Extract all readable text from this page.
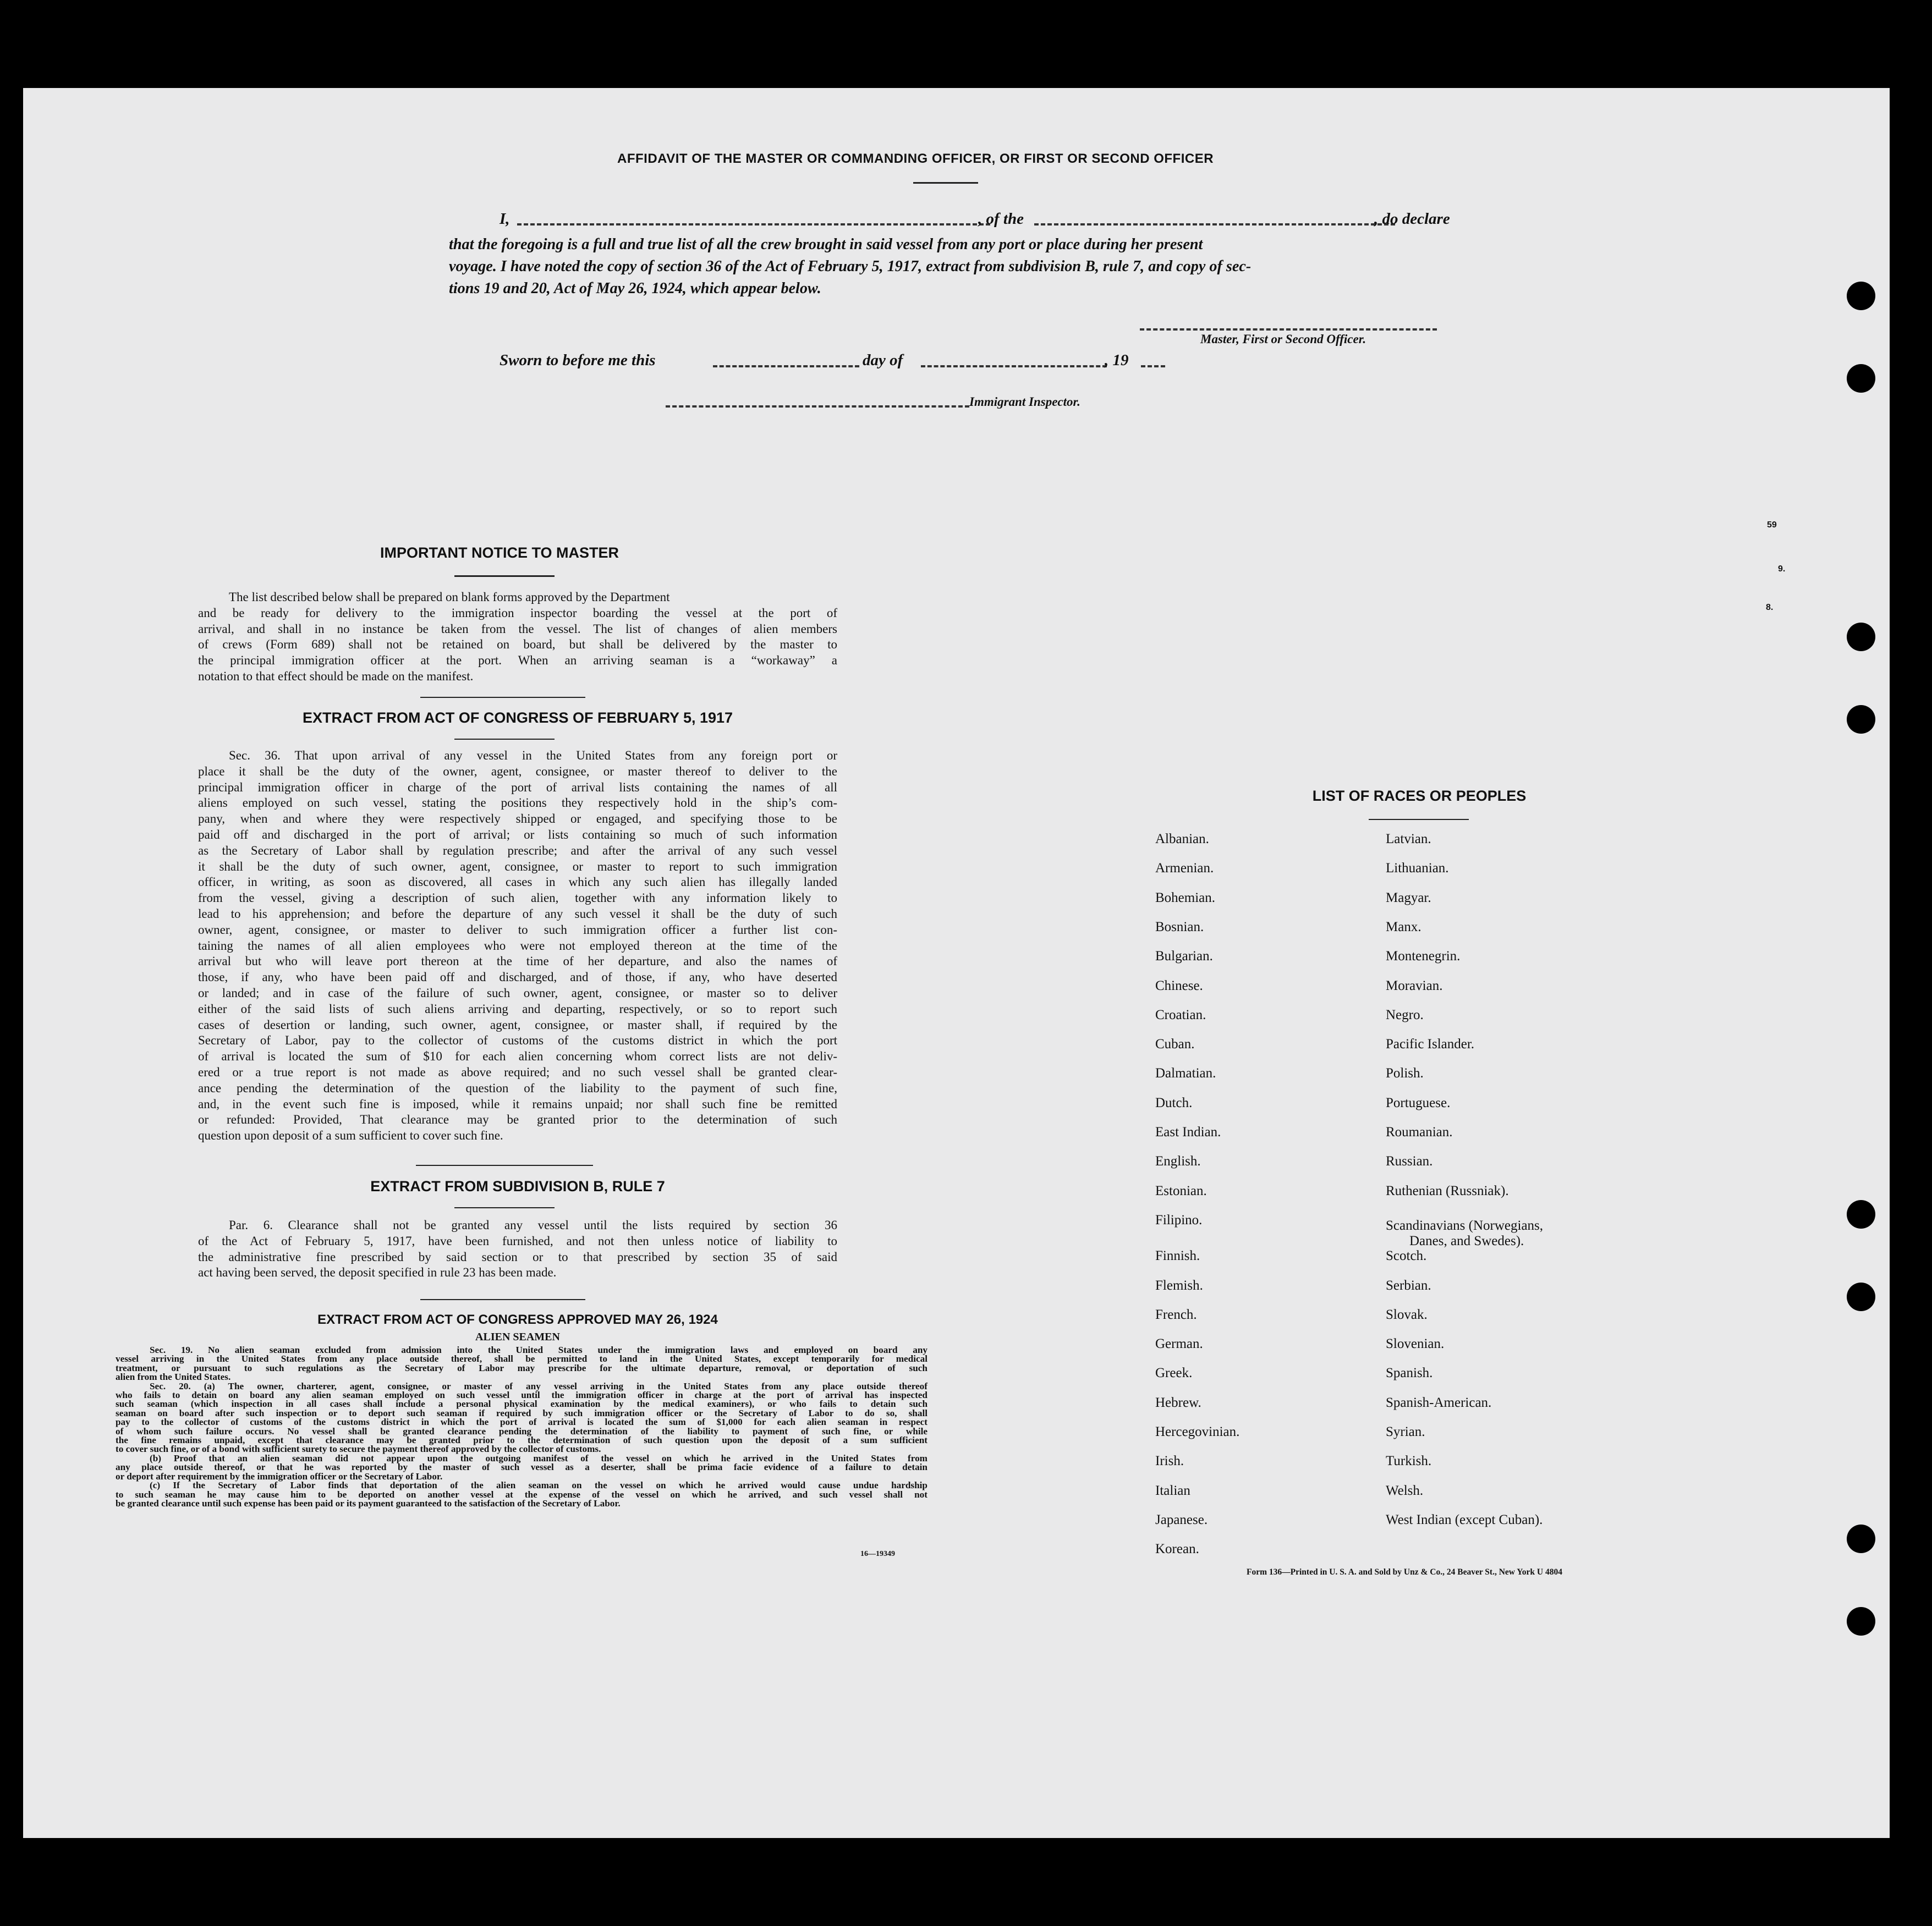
AFFIDAVIT OF THE MASTER OR COMMANDING OFFICER, OR FIRST OR SECOND OFFICER
I,	, of the	, do declare
that the foregoing is a full and true list of all the crew brought in said vessel from any port or place during her present
voyage. I have noted the copy of section 36 of the Act of February 5, 1917, extract from subdivision B, rule 7, and copy of sec-
tions 19 and 20, Act of May 26, 1924, which appear below.
Master, First or Second Officer.
Sworn to before me this	day of	, 19
Immigrant Inspector.
IMPORTANT NOTICE TO MASTER
The list described below shall be prepared on blank forms approved by the Department
and be ready for delivery to the immigration inspector boarding the vessel at the port of
arrival, and shall in no instance be taken from the vessel. The list of changes of alien members
of crews (Form 689) shall not be retained on board, but shall be delivered by the master to
the principal immigration officer at the port. When an arriving seaman is a “workaway” a
notation to that effect should be made on the manifest.
EXTRACT FROM ACT OF CONGRESS OF FEBRUARY 5, 1917
Sec. 36. That upon arrival of any vessel in the United States from any foreign port or
place it shall be the duty of the owner, agent, consignee, or master thereof to deliver to the
principal immigration officer in charge of the port of arrival lists containing the names of all
aliens employed on such vessel, stating the positions they respectively hold in the ship’s com-
pany, when and where they were respectively shipped or engaged, and specifying those to be
paid off and discharged in the port of arrival; or lists containing so much of such information
as the Secretary of Labor shall by regulation prescribe; and after the arrival of any such vessel
it shall be the duty of such owner, agent, consignee, or master to report to such immigration
officer, in writing, as soon as discovered, all cases in which any such alien has illegally landed
from the vessel, giving a description of such alien, together with any information likely to
lead to his apprehension; and before the departure of any such vessel it shall be the duty of such
owner, agent, consignee, or master to deliver to such immigration officer a further list con-
taining the names of all alien employees who were not employed thereon at the time of the
arrival but who will leave port thereon at the time of her departure, and also the names of
those, if any, who have been paid off and discharged, and of those, if any, who have deserted
or landed; and in case of the failure of such owner, agent, consignee, or master so to deliver
either of the said lists of such aliens arriving and departing, respectively, or so to report such
cases of desertion or landing, such owner, agent, consignee, or master shall, if required by the
Secretary of Labor, pay to the collector of customs of the customs district in which the port
of arrival is located the sum of $10 for each alien concerning whom correct lists are not deliv-
ered or a true report is not made as above required; and no such vessel shall be granted clear-
ance pending the determination of the question of the liability to the payment of such fine,
and, in the event such fine is imposed, while it remains unpaid; nor shall such fine be remitted
or refunded: Provided, That clearance may be granted prior to the determination of such
question upon deposit of a sum sufficient to cover such fine.
EXTRACT FROM SUBDIVISION B, RULE 7
Par. 6. Clearance shall not be granted any vessel until the lists required by section 36
of the Act of February 5, 1917, have been furnished, and not then unless notice of liability to
the administrative fine prescribed by said section or to that prescribed by section 35 of said
act having been served, the deposit specified in rule 23 has been made.
EXTRACT FROM ACT OF CONGRESS APPROVED MAY 26, 1924
ALIEN SEAMEN
Sec. 19. No alien seaman excluded from admission into the United States under the immigration laws and employed on board any
vessel arriving in the United States from any place outside thereof, shall be permitted to land in the United States, except temporarily for medical
treatment, or pursuant to such regulations as the Secretary of Labor may prescribe for the ultimate departure, removal, or deportation of such
alien from the United States.
Sec. 20. (a) The owner, charterer, agent, consignee, or master of any vessel arriving in the United States from any place outside thereof
who fails to detain on board any alien seaman employed on such vessel until the immigration officer in charge at the port of arrival has inspected
such seaman (which inspection in all cases shall include a personal physical examination by the medical examiners), or who fails to detain such
seaman on board after such inspection or to deport such seaman if required by such immigration officer or the Secretary of Labor to do so, shall
pay to the collector of customs of the customs district in which the port of arrival is located the sum of $1,000 for each alien seaman in respect
of whom such failure occurs. No vessel shall be granted clearance pending the determination of the liability to payment of such fine, or while
the fine remains unpaid, except that clearance may be granted prior to the determination of such question upon the deposit of a sum sufficient
to cover such fine, or of a bond with sufficient surety to secure the payment thereof approved by the collector of customs.
(b) Proof that an alien seaman did not appear upon the outgoing manifest of the vessel on which he arrived in the United States from
any place outside thereof, or that he was reported by the master of such vessel as a deserter, shall be prima facie evidence of a failure to detain
or deport after requirement by the immigration officer or the Secretary of Labor.
(c) If the Secretary of Labor finds that deportation of the alien seaman on the vessel on which he arrived would cause undue hardship
to such seaman he may cause him to be deported on another vessel at the expense of the vessel on which he arrived, and such vessel shall not
be granted clearance until such expense has been paid or its payment guaranteed to the satisfaction of the Secretary of Labor.
16—19349
LIST OF RACES OR PEOPLES
Albanian.
Armenian.
Bohemian.
Bosnian.
Bulgarian.
Chinese.
Croatian.
Cuban.
Dalmatian.
Dutch.
East Indian.
English.
Estonian.
Filipino.
Finnish.
Flemish.
French.
German.
Greek.
Hebrew.
Hercegovinian.
Irish.
Italian
Japanese.
Korean.
Latvian.
Lithuanian.
Magyar.
Manx.
Montenegrin.
Moravian.
Negro.
Pacific Islander.
Polish.
Portuguese.
Roumanian.
Russian.
Ruthenian (Russniak).
Scandinavians (Norwegians,
Danes, and Swedes).
Scotch.
Serbian.
Slovak.
Slovenian.
Spanish.
Spanish-American.
Syrian.
Turkish.
Welsh.
West Indian (except Cuban).
Form 136—Printed in U. S. A. and Sold by Unz & Co., 24 Beaver St., New York U 4804
59
9.
8.
